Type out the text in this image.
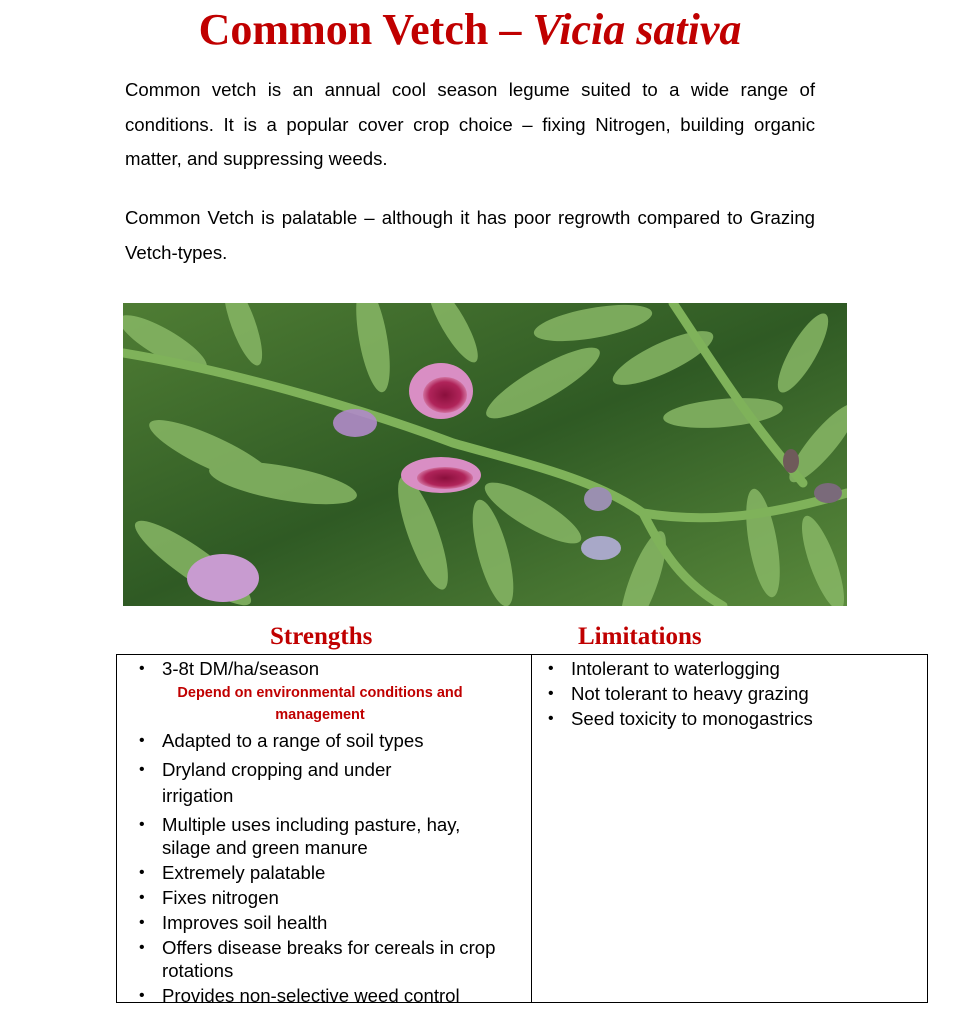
Common Vetch – Vicia sativa
Common vetch is an annual cool season legume suited to a wide range of conditions. It is a popular cover crop choice – fixing Nitrogen, building organic matter, and suppressing weeds.
Common Vetch is palatable – although it has poor regrowth compared to Grazing Vetch-types.
Strengths	Limitations
• 3-8t DM/ha/season
Depend on environmental conditions and
management
• Adapted to a range of soil types
• Dryland cropping and under irrigation
• Multiple uses including pasture, hay, silage and green manure
• Extremely palatable
• Fixes nitrogen
• Improves soil health
• Offers disease breaks for cereals in crop rotations
• Provides non-selective weed control
• Intolerant to waterlogging
• Not tolerant to heavy grazing
• Seed toxicity to monogastrics
